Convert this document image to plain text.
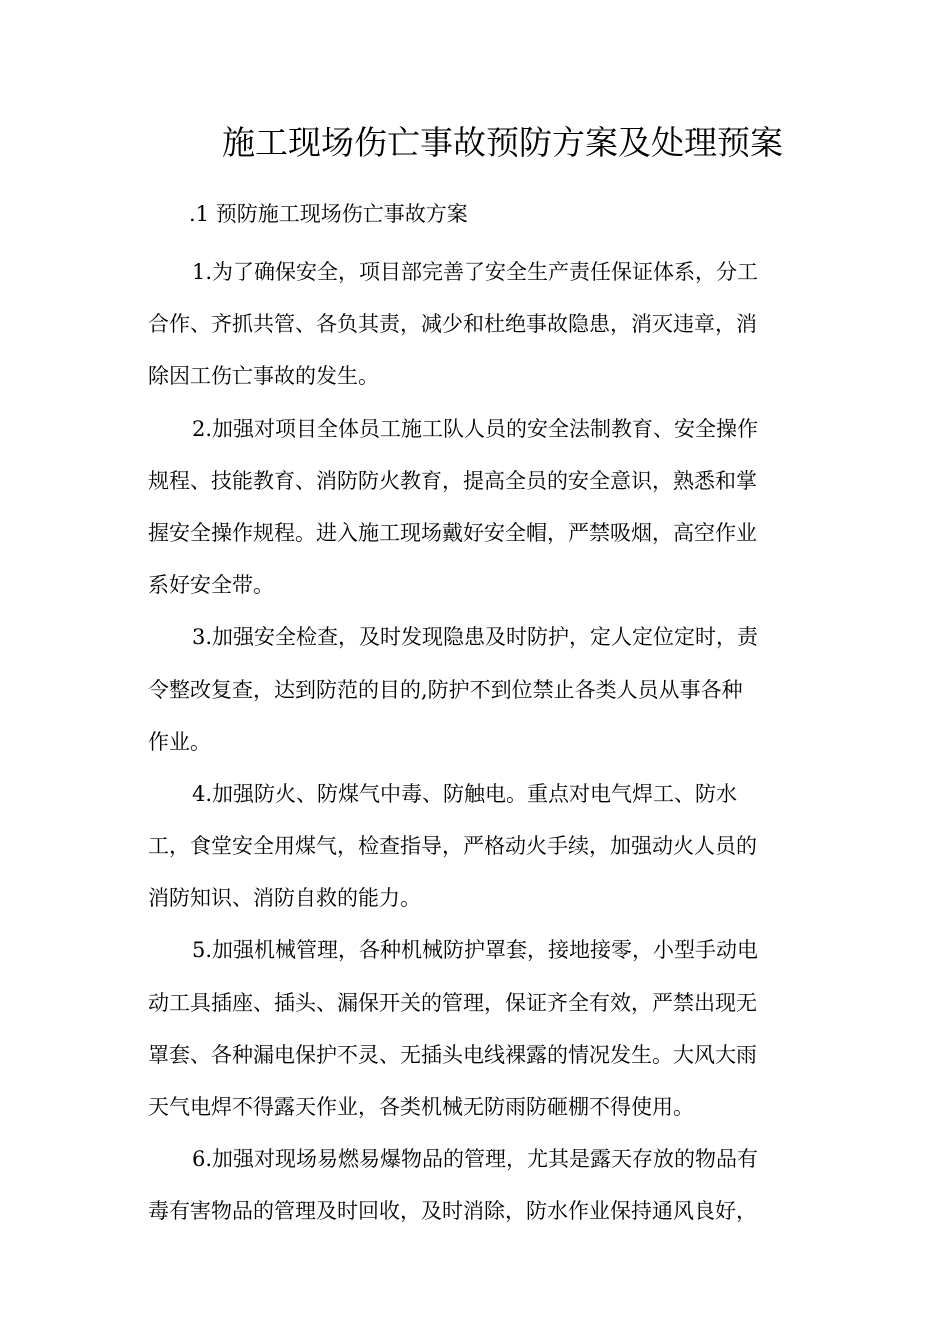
施工现场伤亡事故预防方案及处理预案
.1 预防施工现场伤亡事故方案
1.为了确保安全，项目部完善了安全生产责任保证体系，分工
合作、齐抓共管、各负其责，减少和杜绝事故隐患，消灭违章，消
除因工伤亡事故的发生。
2.加强对项目全体员工施工队人员的安全法制教育、安全操作
规程、技能教育、消防防火教育，提高全员的安全意识，熟悉和掌
握安全操作规程。进入施工现场戴好安全帽，严禁吸烟，高空作业
系好安全带。
3.加强安全检查，及时发现隐患及时防护，定人定位定时，责
令整改复查，达到防范的目的,防护不到位禁止各类人员从事各种
作业。
4.加强防火、防煤气中毒、防触电。重点对电气焊工、防水
工，食堂安全用煤气，检查指导，严格动火手续，加强动火人员的
消防知识、消防自救的能力。
5.加强机械管理，各种机械防护罩套，接地接零，小型手动电
动工具插座、插头、漏保开关的管理，保证齐全有效，严禁出现无
罩套、各种漏电保护不灵、无插头电线裸露的情况发生。大风大雨
天气电焊不得露天作业，各类机械无防雨防砸棚不得使用。
6.加强对现场易燃易爆物品的管理，尤其是露天存放的物品有
毒有害物品的管理及时回收，及时消除，防水作业保持通风良好，
